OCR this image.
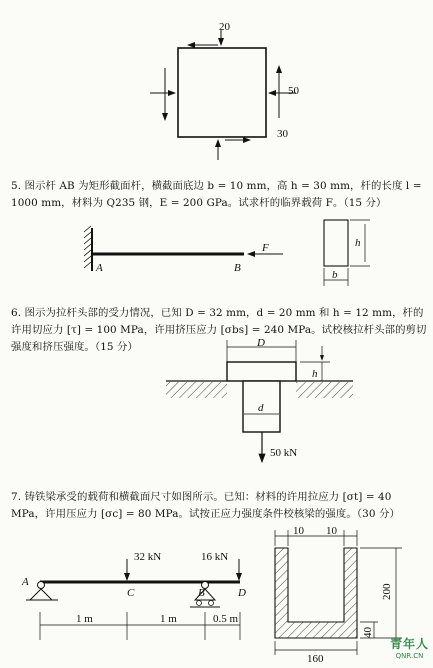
20
50
30
A	B
F	h
b
D
d
h
50 kN
32 kN	16 kN
A
C	B	D
1 m	1 m	0.5 m
10 10
200
40
160
5. 图示杆 AB 为矩形截面杆，横截面底边 b = 10 mm，高 h = 30 mm，杆的长度 l =
1000 mm，材料为 Q235 钢，E = 200 GPa。试求杆的临界载荷 F。（15 分）
6. 图示为拉杆头部的受力情况，已知 D = 32 mm，d = 20 mm 和 h = 12 mm，杆的
许用切应力 [τ] = 100 MPa，许用挤压应力 [σbs] = 240 MPa。试校核拉杆头部的剪切
强度和挤压强度。（15 分）
7. 铸铁梁承受的载荷和横截面尺寸如图所示。已知：材料的许用拉应力 [σt] = 40
MPa，许用压应力 [σc] = 80 MPa。试按正应力强度条件校核梁的强度。（30 分）
青年人
QNR.CN
